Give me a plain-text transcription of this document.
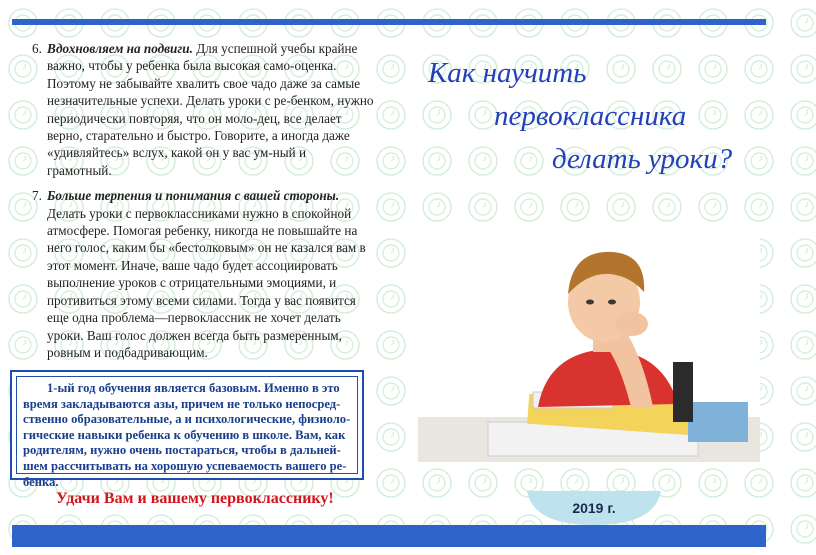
6. Вдохновляем на подвиги. Для успешной учебы крайне важно, чтобы у ребенка была высокая само-оценка. Поэтому не забывайте хвалить свое чадо даже за самые незначительные успехи. Делать уроки с ре-бенком, нужно периодически повторяя, что он моло-дец, все делает верно, старательно и быстро. Говорите, а иногда даже «удивляйтесь» вслух, какой он у вас ум-ный и грамотный.
7. Больше терпения и понимания с вашей стороны.
Делать уроки с первоклассниками нужно в спокойной атмосфере. Помогая ребенку, никогда не повышайте на него голос, каким бы «бестолковым» он не казался вам в этот момент. Иначе, ваше чадо будет ассоциировать выполнение уроков с отрицательными эмоциями, и противиться этому всеми силами. Тогда у вас появится еще одна проблема—первоклассник не хочет делать уроки. Ваш голос должен всегда быть размеренным, ровным и подбадривающим.
1-ый год обучения является базовым. Именно в это время закладываются азы, причем не только непосред-ственно образовательные, а и психологические, физиоло-гические навыки ребенка к обучению в школе. Вам, как родителям, нужно очень постараться, чтобы в дальней-шем рассчитывать на хорошую успеваемость вашего ре-бенка.
Удачи Вам и вашему первокласснику!
Как научить
первоклассника
делать уроки?
2019 г.
